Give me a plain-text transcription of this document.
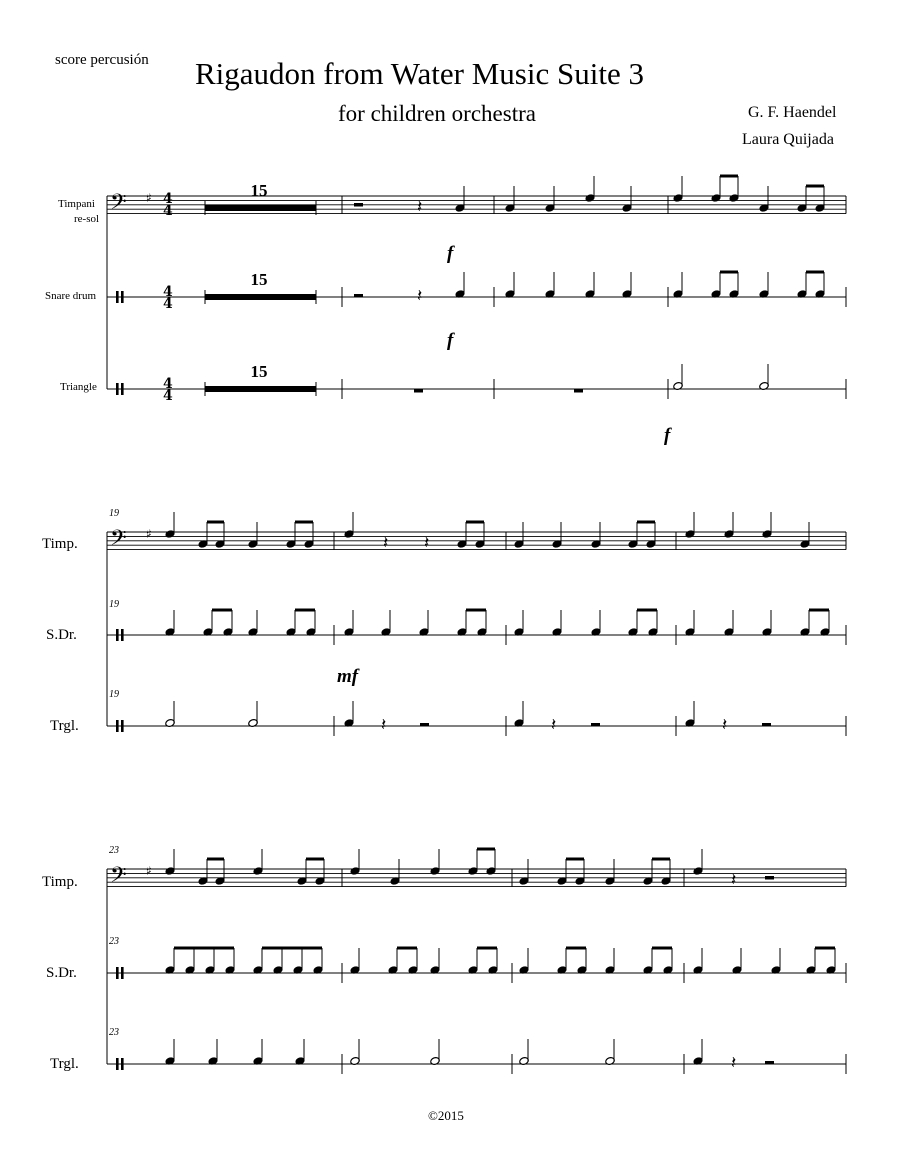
score percusión Rigaudon from Water Music Suite 3
for children orchestra	G. F. Haendel
Laura Quijada
©2015
Timpani
re-sol
Snare drum
Triangle
Timp.
S.Dr.
Trgl.
Timp.
S.Dr.
Trgl.
𝄢 ♯ 4
4
4
4
4
4
15
15
15
𝄽
f
𝄽
f
f
𝄢 ♯
19
19
19
𝄽 𝄽
mf
𝄽	𝄽	𝄽
𝄢 ♯
23
23
23
𝄽
𝄽
